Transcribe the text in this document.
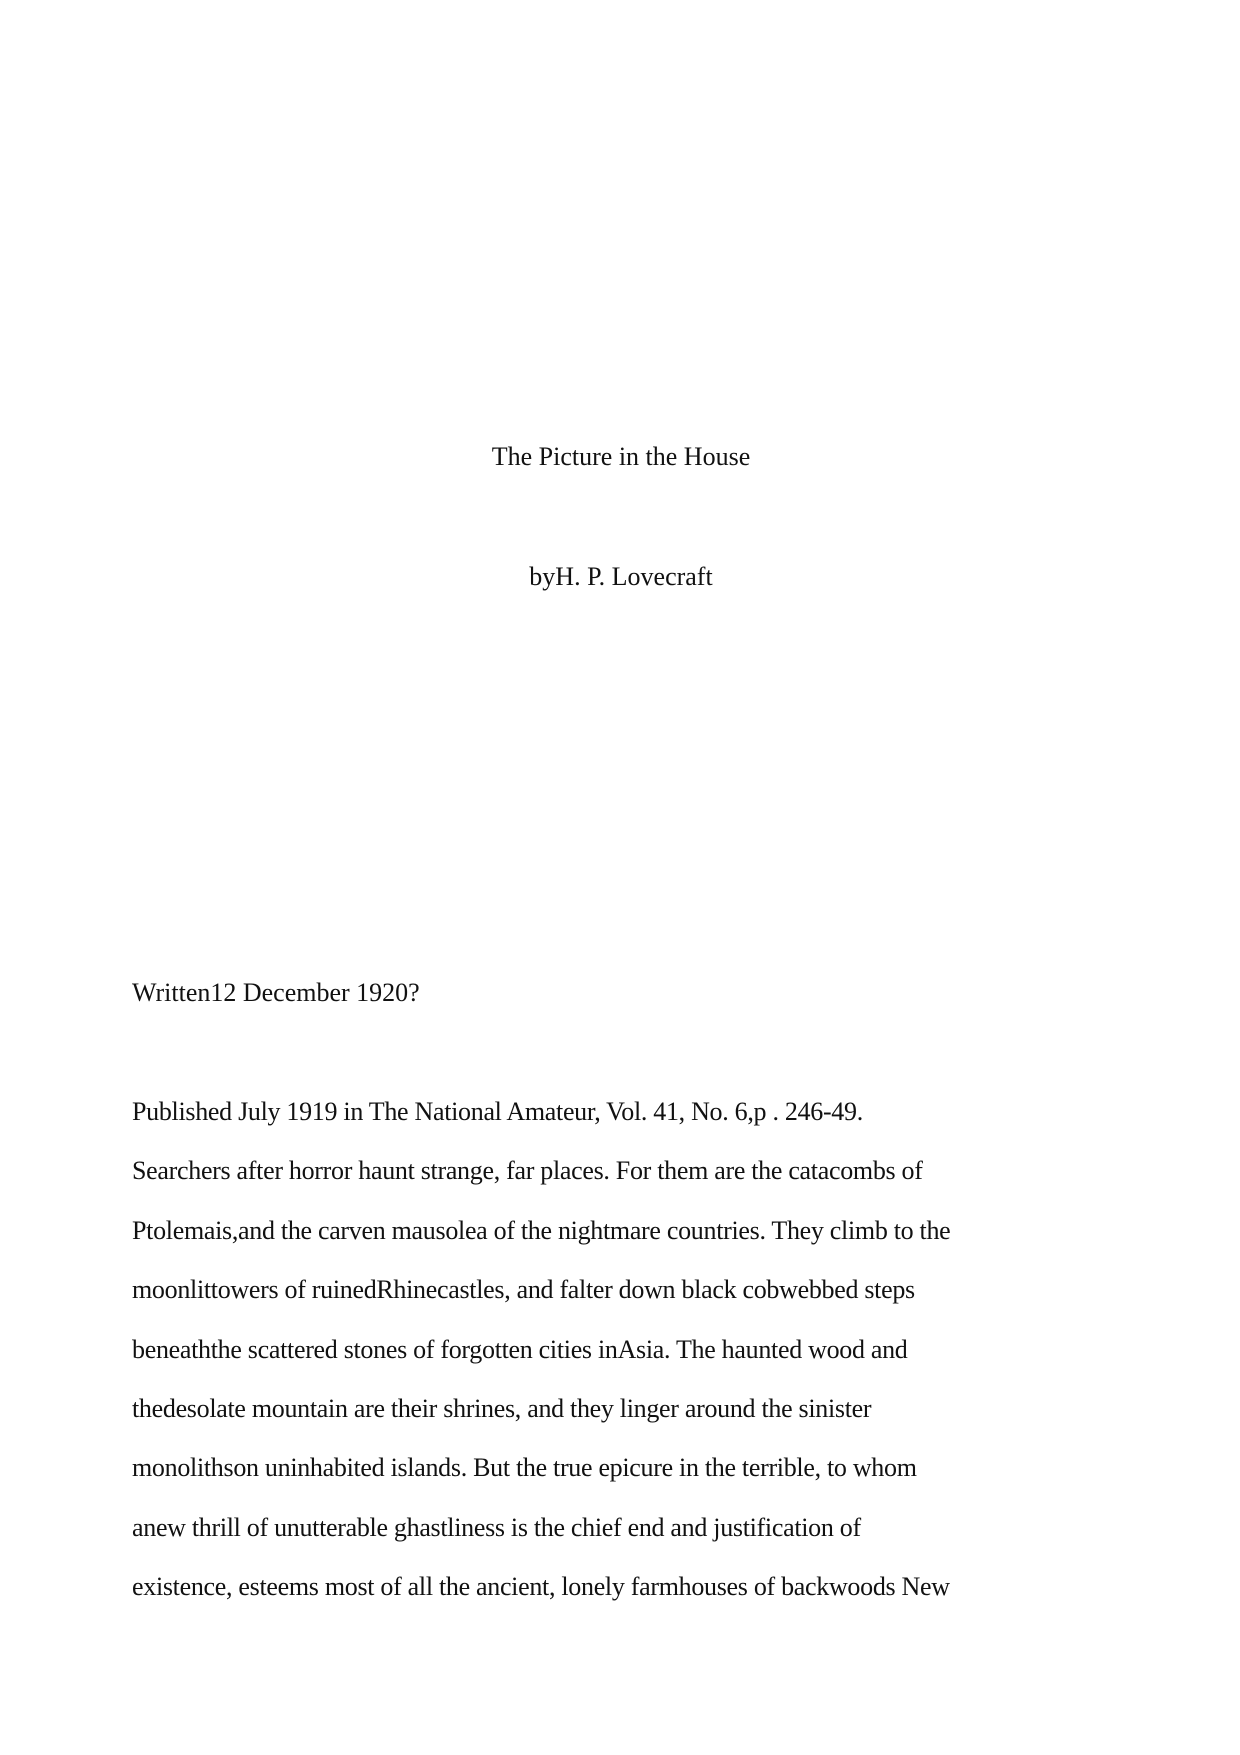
The Picture in the House
byH. P. Lovecraft
Written12 December 1920?
Published July 1919 in The National Amateur, Vol. 41, No. 6,p . 246-49.
Searchers after horror haunt strange, far places. For them are the catacombs of
Ptolemais,and the carven mausolea of the nightmare countries. They climb to the
moonlittowers of ruinedRhinecastles, and falter down black cobwebbed steps
beneaththe scattered stones of forgotten cities inAsia. The haunted wood and
thedesolate mountain are their shrines, and they linger around the sinister
monolithson uninhabited islands. But the true epicure in the terrible, to whom
anew thrill of unutterable ghastliness is the chief end and justification of
existence, esteems most of all the ancient, lonely farmhouses of backwoods New
